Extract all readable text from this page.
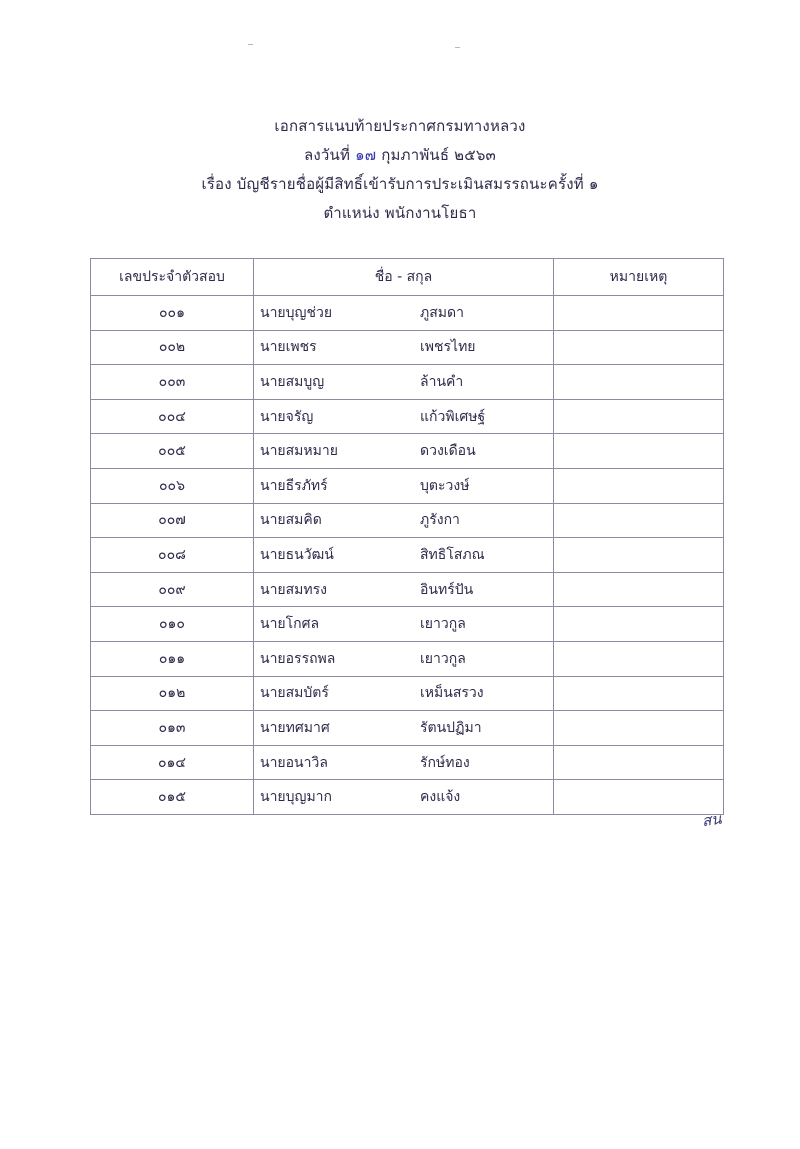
เอกสารแนบท้ายประกาศกรมทางหลวง
ลงวันที่ ๑๗ กุมภาพันธ์ ๒๕๖๓
เรื่อง บัญชีรายชื่อผู้มีสิทธิ์เข้ารับการประเมินสมรรถนะครั้งที่ ๑
ตำแหน่ง พนักงานโยธา
เลขประจำตัวสอบ	ชื่อ - สกุล	หมายเหตุ
๐๐๑	นายบุญช่วย ภูสมดา	

๐๐๒	นายเพชร เพชรไทย	

๐๐๓	นายสมบูญ ล้านคำ	

๐๐๔	นายจรัญ แก้วพิเศษฐ์	

๐๐๕	นายสมหมาย ดวงเดือน	

๐๐๖	นายธีรภัทร์ บุตะวงษ์	

๐๐๗	นายสมคิด ภูรังกา	

๐๐๘	นายธนวัฒน์ สิทธิโสภณ	

๐๐๙	นายสมทรง อินทร์ปัน	

๐๑๐	นายโกศล เยาวกูล	

๐๑๑	นายอรรถพล เยาวกูล	

๐๑๒	นายสมบัตร์ เหม็นสรวง	

๐๑๓	นายทศมาศ รัตนปฏิมา	

๐๑๔	นายอนาวิล รักษ์ทอง	

๐๑๕	นายบุญมาก คงแจ้ง	

สน
